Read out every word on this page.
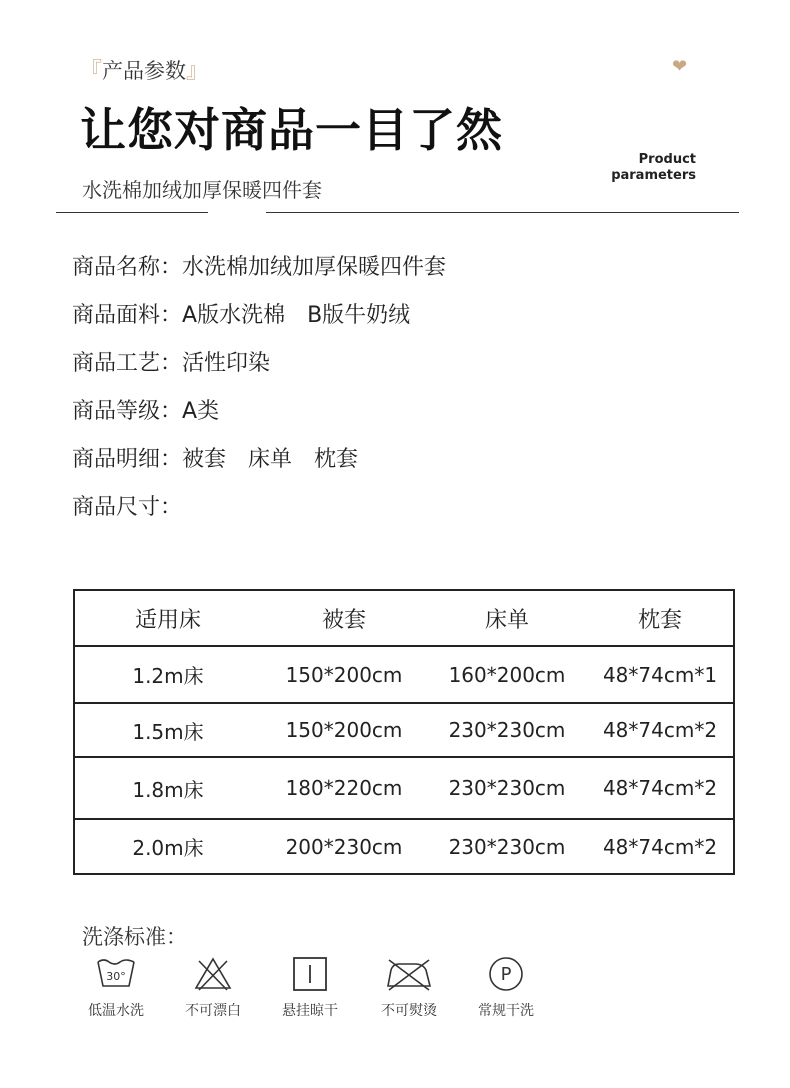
『产品参数』	❤
让您对商品一目了然
水洗棉加绒加厚保暖四件套
Product
parameters
商品名称：水洗棉加绒加厚保暖四件套
商品面料：A版水洗棉 B版牛奶绒
商品工艺：活性印染
商品等级：A类
商品明细：被套 床单 枕套
商品尺寸：
适用床	被套	床单	枕套
1.2m床	150*200cm	160*200cm	48*74cm*1
1.5m床	150*200cm	230*230cm	48*74cm*2
1.8m床	180*220cm	230*230cm	48*74cm*2
2.0m床	200*230cm	230*230cm	48*74cm*2
洗涤标准：
30°
低温水洗	不可漂白	悬挂晾干	不可熨烫
P
常规干洗
